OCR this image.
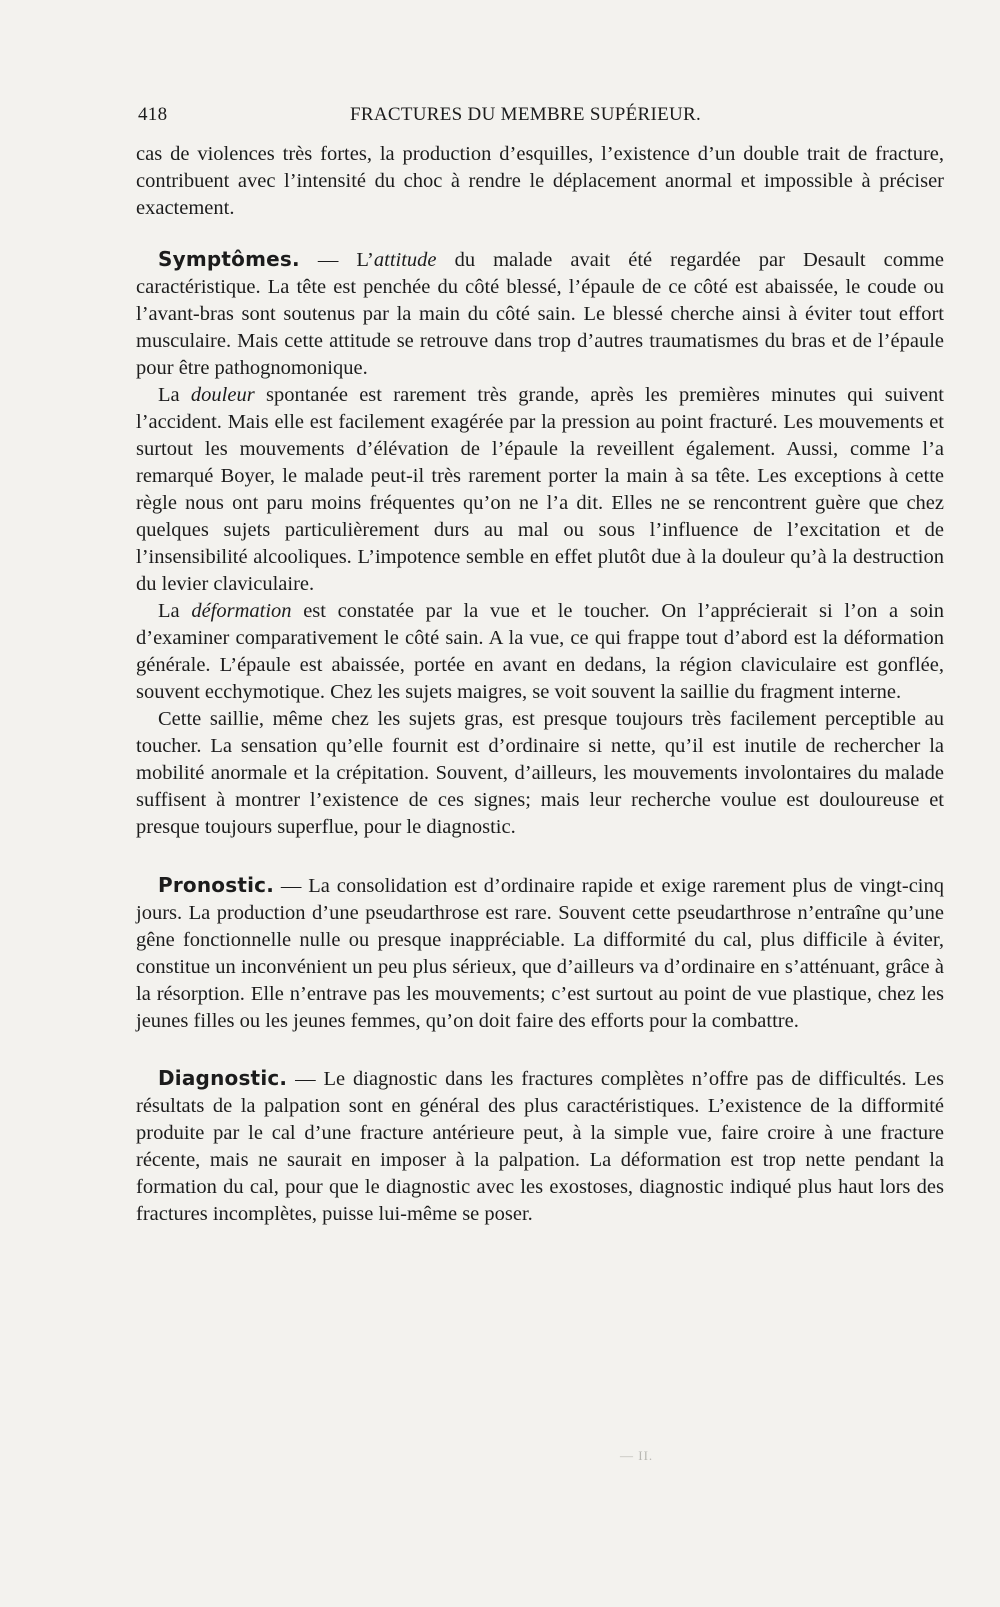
418	FRACTURES DU MEMBRE SUPÉRIEUR.

cas de violences très fortes, la production d’esquilles, l’existence d’un double trait de fracture, contribuent avec l’intensité du choc à rendre le déplacement anormal et impossible à préciser exactement.

Symptômes. — L’attitude du malade avait été regardée par Desault comme caractéristique. La tête est penchée du côté blessé, l’épaule de ce côté est abaissée, le coude ou l’avant-bras sont soutenus par la main du côté sain. Le blessé cherche ainsi à éviter tout effort musculaire. Mais cette attitude se retrouve dans trop d’autres traumatismes du bras et de l’épaule pour être pathognomonique.

La douleur spontanée est rarement très grande, après les premières minutes qui suivent l’accident. Mais elle est facilement exagérée par la pression au point fracturé. Les mouvements et surtout les mouvements d’élévation de l’épaule la reveillent également. Aussi, comme l’a remarqué Boyer, le malade peut-il très rarement porter la main à sa tête. Les exceptions à cette règle nous ont paru moins fréquentes qu’on ne l’a dit. Elles ne se rencontrent guère que chez quelques sujets particulièrement durs au mal ou sous l’influence de l’excitation et de l’insensibilité alcooliques. L’impotence semble en effet plutôt due à la douleur qu’à la destruction du levier claviculaire.

La déformation est constatée par la vue et le toucher. On l’apprécierait si l’on a soin d’examiner comparativement le côté sain. A la vue, ce qui frappe tout d’abord est la déformation générale. L’épaule est abaissée, portée en avant en dedans, la région claviculaire est gonflée, souvent ecchymotique. Chez les sujets maigres, se voit souvent la saillie du fragment interne.

Cette saillie, même chez les sujets gras, est presque toujours très facilement perceptible au toucher. La sensation qu’elle fournit est d’ordinaire si nette, qu’il est inutile de rechercher la mobilité anormale et la crépitation. Souvent, d’ailleurs, les mouvements involontaires du malade suffisent à montrer l’existence de ces signes; mais leur recherche voulue est douloureuse et presque toujours superflue, pour le diagnostic.

Pronostic. — La consolidation est d’ordinaire rapide et exige rarement plus de vingt-cinq jours. La production d’une pseudarthrose est rare. Souvent cette pseudarthrose n’entraîne qu’une gêne fonctionnelle nulle ou presque inappréciable. La difformité du cal, plus difficile à éviter, constitue un inconvénient un peu plus sérieux, que d’ailleurs va d’ordinaire en s’atténuant, grâce à la résorption. Elle n’entrave pas les mouvements; c’est surtout au point de vue plastique, chez les jeunes filles ou les jeunes femmes, qu’on doit faire des efforts pour la combattre.

Diagnostic. — Le diagnostic dans les fractures complètes n’offre pas de difficultés. Les résultats de la palpation sont en général des plus caractéristiques. L’existence de la difformité produite par le cal d’une fracture antérieure peut, à la simple vue, faire croire à une fracture récente, mais ne saurait en imposer à la palpation. La déformation est trop nette pendant la formation du cal, pour que le diagnostic avec les exostoses, diagnostic indiqué plus haut lors des fractures incomplètes, puisse lui-même se poser.

— II.
